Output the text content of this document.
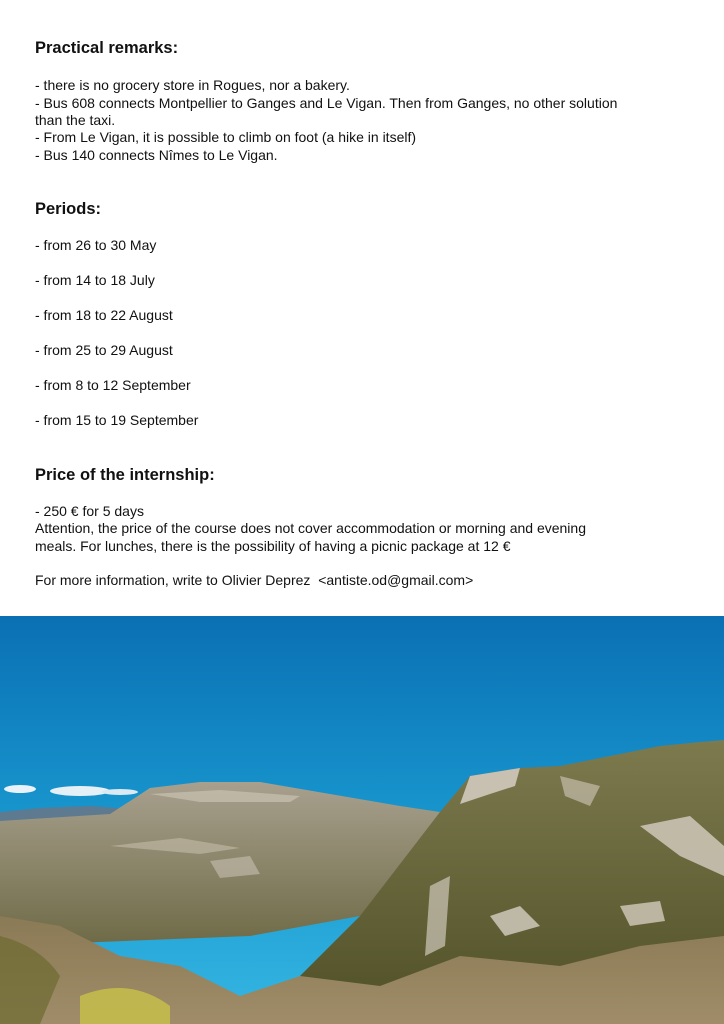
Practical remarks:
- there is no grocery store in Rogues, nor a bakery.
- Bus 608 connects Montpellier to Ganges and Le Vigan. Then from Ganges, no other solution
than the taxi.
- From Le Vigan, it is possible to climb on foot (a hike in itself)
- Bus 140 connects Nîmes to Le Vigan.
Periods:
- from 26 to 30 May
- from 14 to 18 July
- from 18 to 22 August
- from 25 to 29 August
- from 8 to 12 September
- from 15 to 19 September
Price of the internship:
- 250 € for 5 days
Attention, the price of the course does not cover accommodation or morning and evening
meals. For lunches, there is the possibility of having a picnic package at 12 €
For more information, write to Olivier Deprez <antiste.od@gmail.com>
